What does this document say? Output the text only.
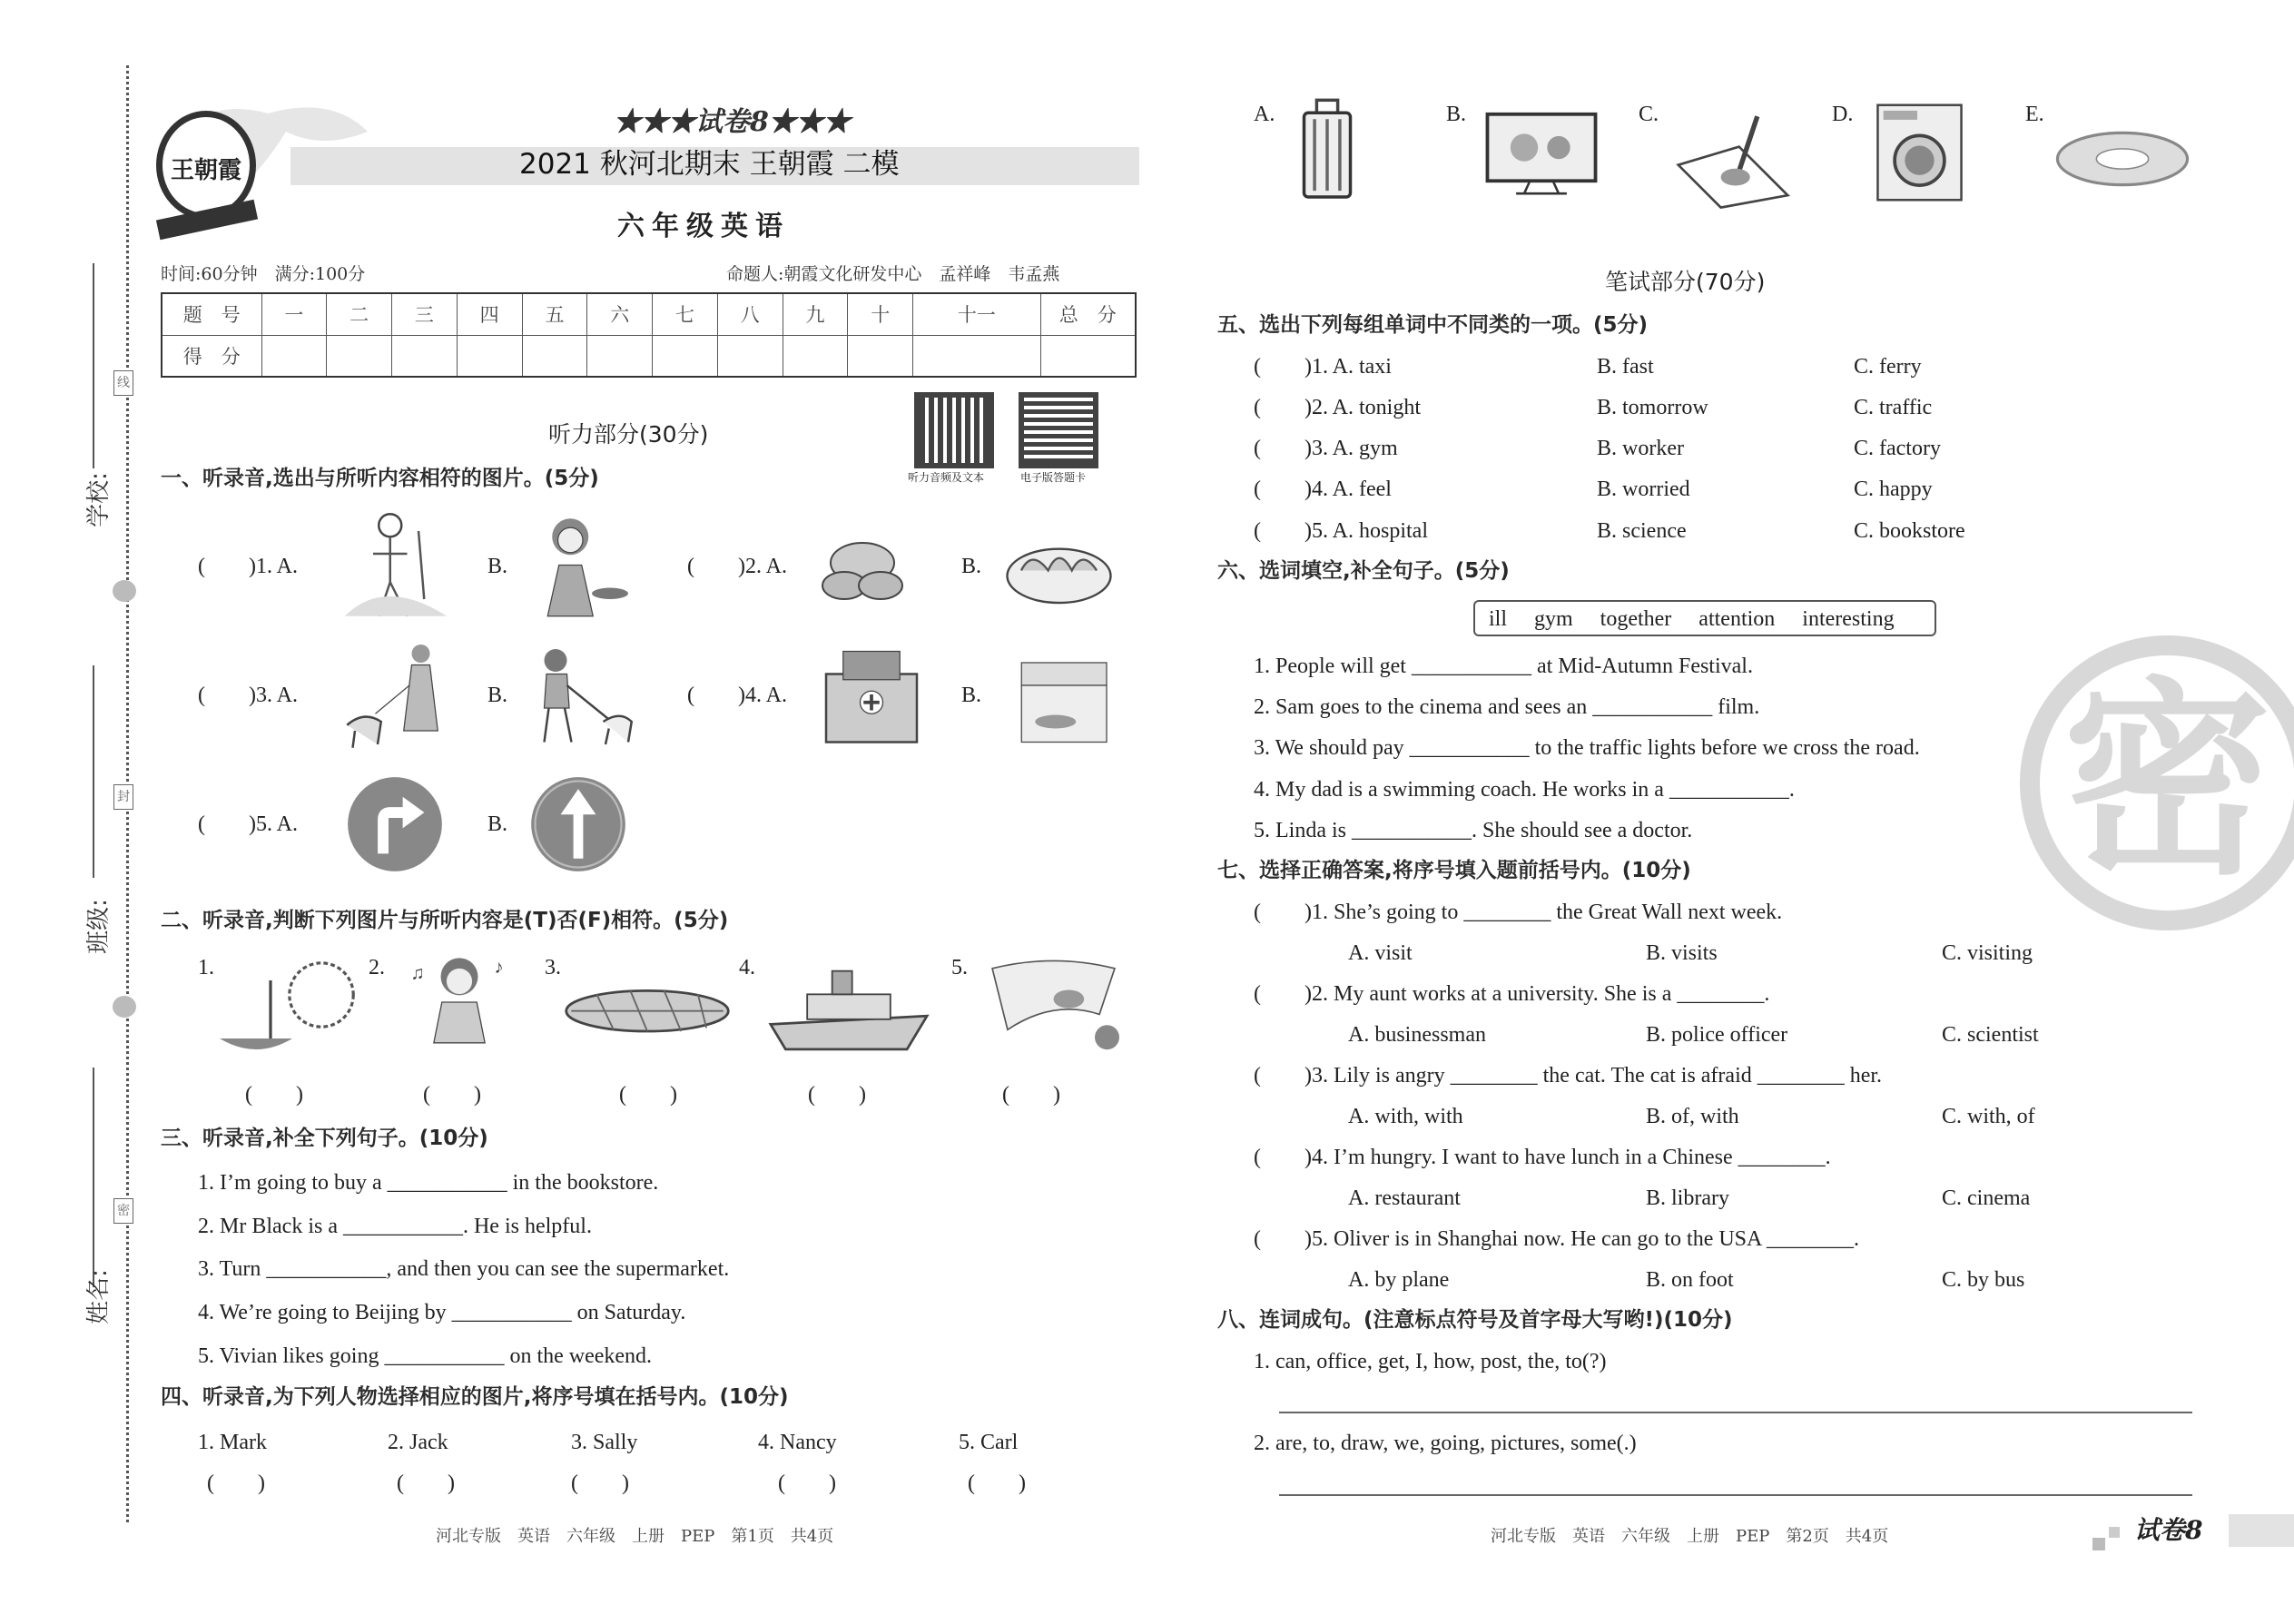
学校:
班级:
姓名:
线
封
密
王朝霞
★★★试卷8★★★
2021 秋河北期末 王朝霞 二模
六年级英语
时间:60分钟　满分:100分	命题人:朝霞文化研发中心　孟祥峰　韦孟燕
题　号	一	二	三	四	五	六	七	八	九	十	十一	总　分
得　分												
听力音频及文本	电子版答题卡
听力部分(30分)
一、听录音,选出与所听内容相符的图片。(5分)
(　　)1. A.	B.	(　　)2. A.	B.
(　　)3. A.	B.	(　　)4. A.	B.
(　　)5. A.	B.
二、听录音,判断下列图片与所听内容是(T)否(F)相符。(5分)
1.	2.	3.	4.	5.
♪
♫
(　　)	(　　)	(　　)	(　　)	(　　)
三、听录音,补全下列句子。(10分)
1. I’m going to buy a ___________ in the bookstore.
2. Mr Black is a ___________. He is helpful.
3. Turn ___________, and then you can see the supermarket.
4. We’re going to Beijing by ___________ on Saturday.
5. Vivian likes going ___________ on the weekend.
四、听录音,为下列人物选择相应的图片,将序号填在括号内。(10分)
1. Mark	2. Jack	3. Sally	4. Nancy	5. Carl
(　　)	(　　)	(　　)	(　　)	(　　)
河北专版　英语　六年级　上册　PEP　第1页　共4页
密
A.	B.	C.	D.	E.
笔试部分(70分)
五、选出下列每组单词中不同类的一项。(5分)
(　　)1. A. taxi	B. fast	C. ferry
(　　)2. A. tonight	B. tomorrow	C. traffic
(　　)3. A. gym	B. worker	C. factory
(　　)4. A. feel	B. worried	C. happy
(　　)5. A. hospital	B. science	C. bookstore
六、选词填空,补全句子。(5分)
ill　 gym　 together　 attention　 interesting
1. People will get ___________ at Mid-Autumn Festival.
2. Sam goes to the cinema and sees an ___________ film.
3. We should pay ___________ to the traffic lights before we cross the road.
4. My dad is a swimming coach. He works in a ___________.
5. Linda is ___________. She should see a doctor.
七、选择正确答案,将序号填入题前括号内。(10分)
(　　)1. She’s going to ________ the Great Wall next week.
A. visit	B. visits	C. visiting
(　　)2. My aunt works at a university. She is a ________.
A. businessman	B. police officer	C. scientist
(　　)3. Lily is angry ________ the cat. The cat is afraid ________ her.
A. with, with	B. of, with	C. with, of
(　　)4. I’m hungry. I want to have lunch in a Chinese ________.
A. restaurant	B. library	C. cinema
(　　)5. Oliver is in Shanghai now. He can go to the USA ________.
A. by plane	B. on foot	C. by bus
八、连词成句。(注意标点符号及首字母大写哟!)(10分)
1. can, office, get, I, how, post, the, to(?)
2. are, to, draw, we, going, pictures, some(.)
河北专版　英语　六年级　上册　PEP　第2页　共4页	试卷8
